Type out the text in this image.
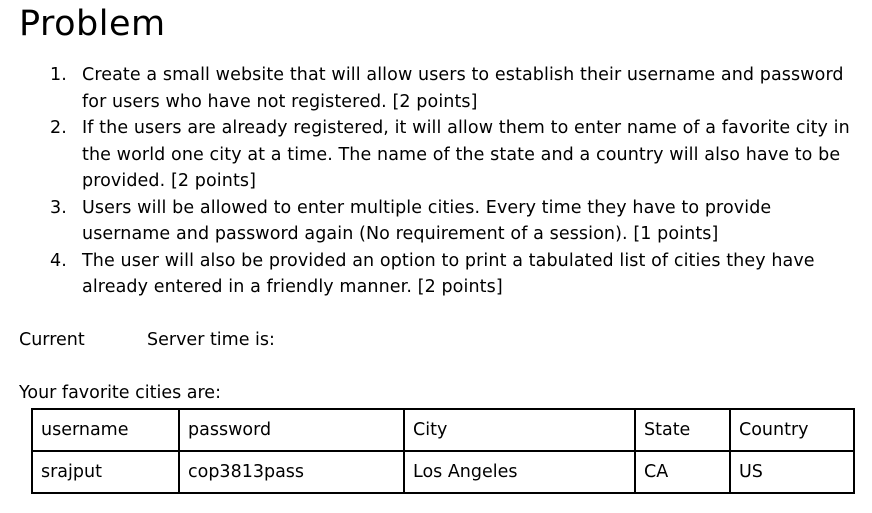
Problem
1. Create a small website that will allow users to establish their username and password for users who have not registered. [2 points]
2. If the users are already registered, it will allow them to enter name of a favorite city in the world one city at a time. The name of the state and a country will also have to be provided. [2 points]
3. Users will be allowed to enter multiple cities. Every time they have to provide username and password again (No requirement of a session). [1 points]
4. The user will also be provided an option to print a tabulated list of cities they have already entered in a friendly manner. [2 points]
Current	Server time is:
Your favorite cities are:
username	password	City	State	Country
srajput	cop3813pass	Los Angeles	CA	US
